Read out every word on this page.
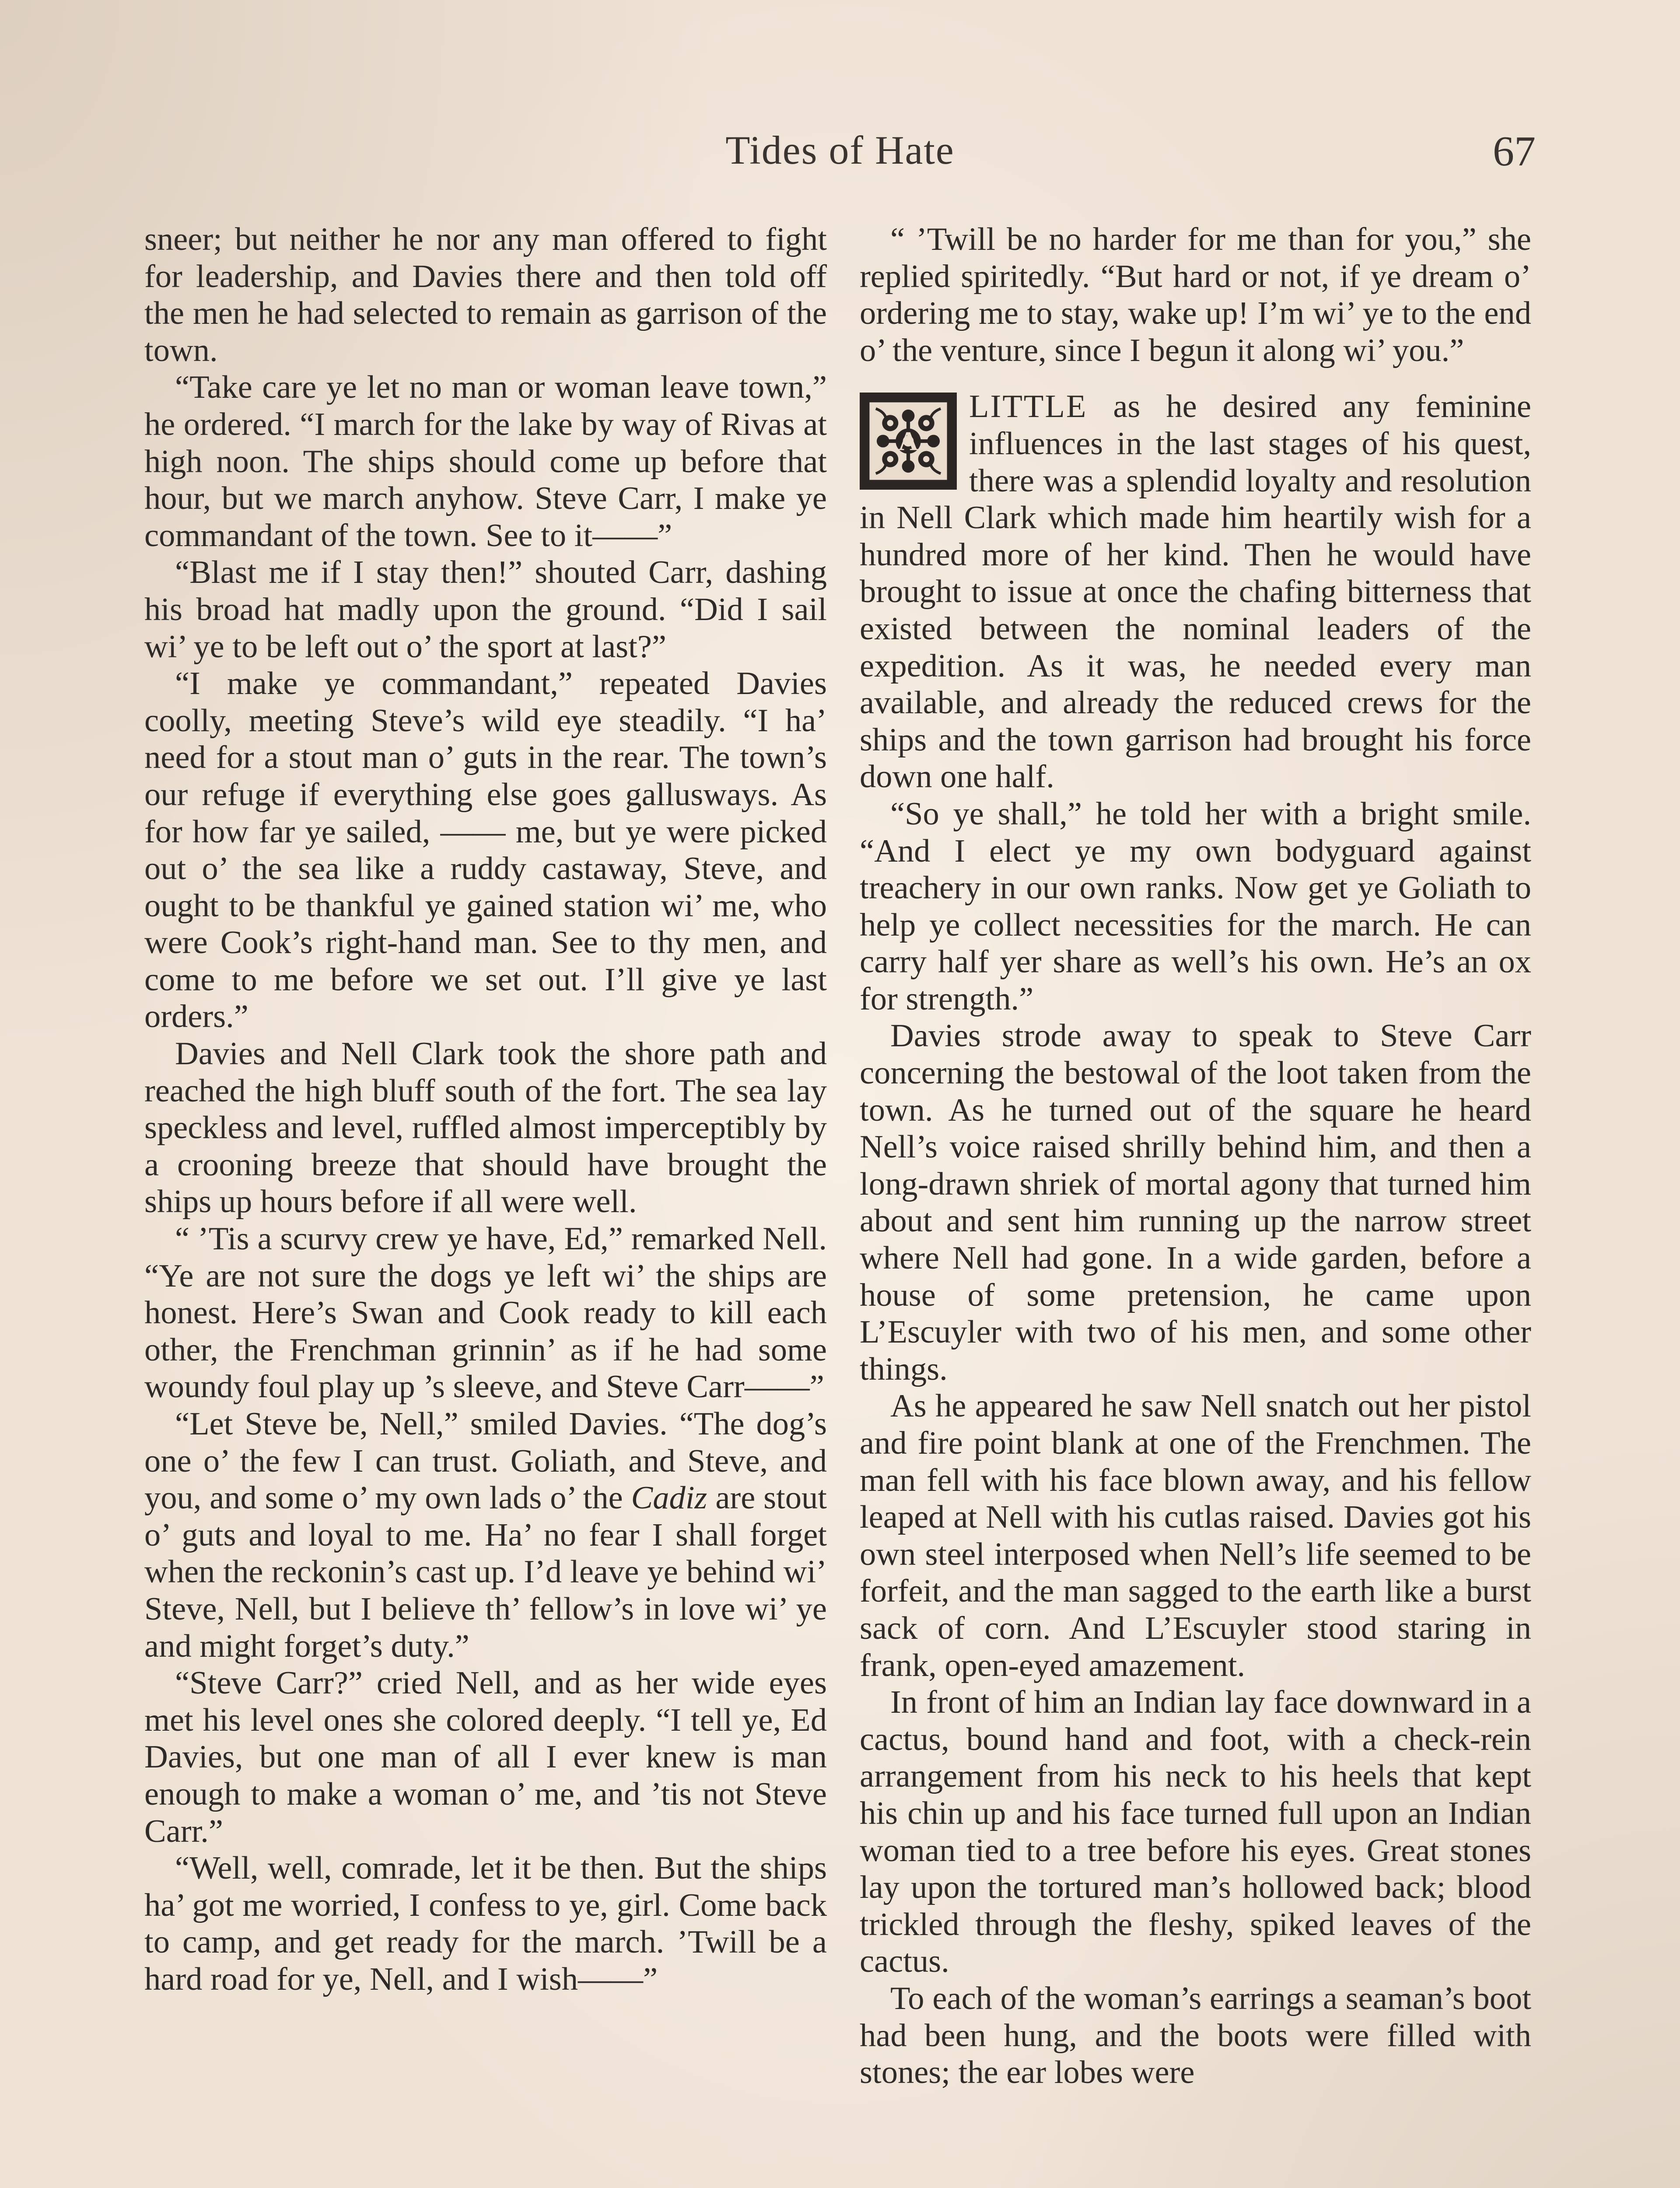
Tides of Hate	67

sneer; but neither he nor any man offered to fight for leadership, and Davies there and then told off the men he had selected to remain as garrison of the town.

“Take care ye let no man or woman leave town,” he ordered. “I march for the lake by way of Rivas at high noon. The ships should come up before that hour, but we march anyhow. Steve Carr, I make ye commandant of the town. See to it——”

“Blast me if I stay then!” shouted Carr, dashing his broad hat madly upon the ground. “Did I sail wi’ ye to be left out o’ the sport at last?”

“I make ye commandant,” repeated Davies coolly, meeting Steve’s wild eye steadily. “I ha’ need for a stout man o’ guts in the rear. The town’s our refuge if everything else goes gallusways. As for how far ye sailed, —— me, but ye were picked out o’ the sea like a ruddy castaway, Steve, and ought to be thankful ye gained station wi’ me, who were Cook’s right-hand man. See to thy men, and come to me before we set out. I’ll give ye last orders.”

Davies and Nell Clark took the shore path and reached the high bluff south of the fort. The sea lay speckless and level, ruffled almost imperceptibly by a crooning breeze that should have brought the ships up hours before if all were well.

“ ’Tis a scurvy crew ye have, Ed,” remarked Nell. “Ye are not sure the dogs ye left wi’ the ships are honest. Here’s Swan and Cook ready to kill each other, the Frenchman grinnin’ as if he had some woundy foul play up ’s sleeve, and Steve Carr——”

“Let Steve be, Nell,” smiled Davies. “The dog’s one o’ the few I can trust. Goliath, and Steve, and you, and some o’ my own lads o’ the Cadiz are stout o’ guts and loyal to me. Ha’ no fear I shall forget when the reckonin’s cast up. I’d leave ye behind wi’ Steve, Nell, but I believe th’ fellow’s in love wi’ ye and might forget’s duty.”

“Steve Carr?” cried Nell, and as her wide eyes met his level ones she colored deeply. “I tell ye, Ed Davies, but one man of all I ever knew is man enough to make a woman o’ me, and ’tis not Steve Carr.”

“Well, well, comrade, let it be then. But the ships ha’ got me worried, I confess to ye, girl. Come back to camp, and get ready for the march. ’Twill be a hard road for ye, Nell, and I wish——”

“ ’Twill be no harder for me than for you,” she replied spiritedly. “But hard or not, if ye dream o’ ordering me to stay, wake up! I’m wi’ ye to the end o’ the venture, since I begun it along wi’ you.”

A
LITTLE as he desired any feminine influences in the last stages of his quest, there was a splendid loyalty and resolution in Nell Clark which made him heartily wish for a hundred more of her kind. Then he would have brought to issue at once the chafing bitterness that existed between the nominal leaders of the expedition. As it was, he needed every man available, and already the reduced crews for the ships and the town garrison had brought his force down one half.

“So ye shall,” he told her with a bright smile. “And I elect ye my own bodyguard against treachery in our own ranks. Now get ye Goliath to help ye collect necessities for the march. He can carry half yer share as well’s his own. He’s an ox for strength.”

Davies strode away to speak to Steve Carr concerning the bestowal of the loot taken from the town. As he turned out of the square he heard Nell’s voice raised shrilly behind him, and then a long-drawn shriek of mortal agony that turned him about and sent him running up the narrow street where Nell had gone. In a wide garden, before a house of some pretension, he came upon L’Escuyler with two of his men, and some other things.

As he appeared he saw Nell snatch out her pistol and fire point blank at one of the Frenchmen. The man fell with his face blown away, and his fellow leaped at Nell with his cutlas raised. Davies got his own steel interposed when Nell’s life seemed to be forfeit, and the man sagged to the earth like a burst sack of corn. And L’Escuyler stood staring in frank, open-eyed amazement.

In front of him an Indian lay face downward in a cactus, bound hand and foot, with a check-rein arrangement from his neck to his heels that kept his chin up and his face turned full upon an Indian woman tied to a tree before his eyes. Great stones lay upon the tortured man’s hollowed back; blood trickled through the fleshy, spiked leaves of the cactus.

To each of the woman’s earrings a seaman’s boot had been hung, and the boots were filled with stones; the ear lobes were
